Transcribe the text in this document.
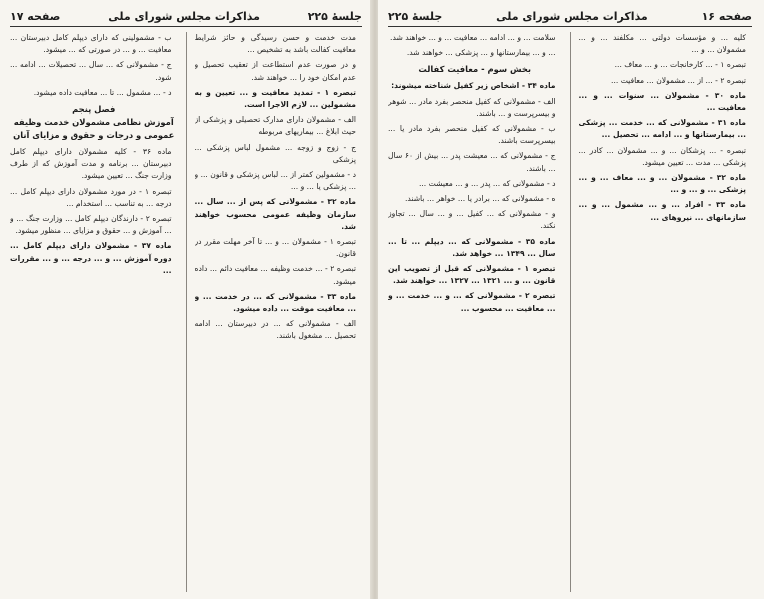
جلسهٔ ۲۲۵
مذاکرات مجلس شورای ملی
صفحه ۱۷

مدت خدمت و حسن رسیدگی و حائز شرایط معافیت کفالت باشد به تشخیص ...

و در صورت عدم استطاعت از تعقیب تحصیل و عدم امکان خود را ... خواهند شد.

تبصره ۱ - تمدید معافیت و ... تعیین و به مشمولین ... لازم الاجرا است.

الف - مشمولان دارای مدارک تحصیلی و پزشکی از حیث ابلاغ ... بیماریهای مربوطه

ج - زوج و زوجه ... مشمول لباس پزشکی ... پزشکی

د - مشمولین کمتر از ... لباس پزشکی و قانون ... و ... پزشکی یا ... و ...

ماده ۳۲ - مشمولانی که پس از ... سال ... سازمان وظیفه عمومی محسوب خواهند شد.

تبصره ۱ - مشمولان ... و ... تا آخر مهلت مقرر در قانون.

تبصره ۲ - ... خدمت وظیفه ... معافیت دائم ... داده میشود.

ماده ۳۳ - مشمولانی که ... در خدمت ... و ... معافیت موقت ... داده میشود.

الف - مشمولانی که ... در دبیرستان ... ادامه تحصیل ... مشغول باشند.

ب - مشمولینی که دارای دیپلم کامل دبیرستان ... معافیت ... و ... در صورتی که ... میشود.

ج - مشمولانی که ... سال ... تحصیلات ... ادامه ... شود.

د - ... مشمول ... تا ... معافیت داده میشود.

فصل پنجم
آموزش نظامی مشمولان خدمت وظیفه عمومی و درجات و حقوق و مزایای آنان

ماده ۳۶ - کلیه مشمولان دارای دیپلم کامل دبیرستان ... برنامه و مدت آموزش که از طرف وزارت جنگ ... تعیین میشود.

تبصره ۱ - در مورد مشمولان دارای دیپلم کامل ... درجه ... به تناسب ... استخدام ...

تبصره ۲ - دارندگان دیپلم کامل ... وزارت جنگ ... و ... آموزش و ... حقوق و مزایای ... منظور میشود.

ماده ۳۷ - مشمولان دارای دیپلم کامل ... دوره آموزش ... و ... درجه ... و ... مقررات ...

صفحه ۱۶
مذاکرات مجلس شورای ملی
جلسهٔ ۲۲۵

کلیه ... و مؤسسات دولتی ... مکلفند ... و ... مشمولان ... و ...

تبصره ۱ - ... کارخانجات ... و ... معاف ...

تبصره ۲ - ... از ... مشمولان ... معافیت ...

ماده ۳۰ - مشمولان ... سنوات ... و ... معافیت ...

ماده ۳۱ - مشمولانی که ... خدمت ... پزشکی ... بیمارستانها و ... ادامه ... تحصیل ...

تبصره - ... پزشکان ... و ... مشمولان ... کادر ... پزشکی ... مدت ... تعیین میشود.

ماده ۳۲ - مشمولان ... و ... معاف ... و ... پزشکی ... و ... و ...

ماده ۳۳ - افراد ... و ... مشمول ... و ... سازمانهای ... نیروهای ...

سلامت ... و ... ادامه ... معافیت ... و ... خواهند شد.

... و ... بیمارستانها و ... پزشکی ... خواهند شد.

بخش سوم - معافیت کفالت

ماده ۳۴ - اشخاص زیر کفیل شناخته میشوند:

الف - مشمولانی که کفیل منحصر بفرد مادر ... شوهر و بیسرپرست و ... باشند.

ب - مشمولانی که کفیل منحصر بفرد مادر یا ... بیسرپرست باشند.

ج - مشمولانی که ... معیشت پدر ... بیش از ۶۰ سال ... باشند.

د - مشمولانی که ... پدر ... و ... معیشت ...

ه - مشمولانی که ... برادر یا ... خواهر ... باشند.

و - مشمولانی که ... کفیل ... و ... سال ... تجاوز نکند.

ماده ۳۵ - مشمولانی که ... دیپلم ... تا ... سال ... ۱۳۴۹ ... خواهد شد.

تبصره ۱ - مشمولانی که قبل از تصویب این قانون ... و ... ۱۳۲۱ ... ۱۳۲۷ ... خواهند شد.

تبصره ۲ - مشمولانی که ... و ... خدمت ... و ... معافیت ... محسوب ...
